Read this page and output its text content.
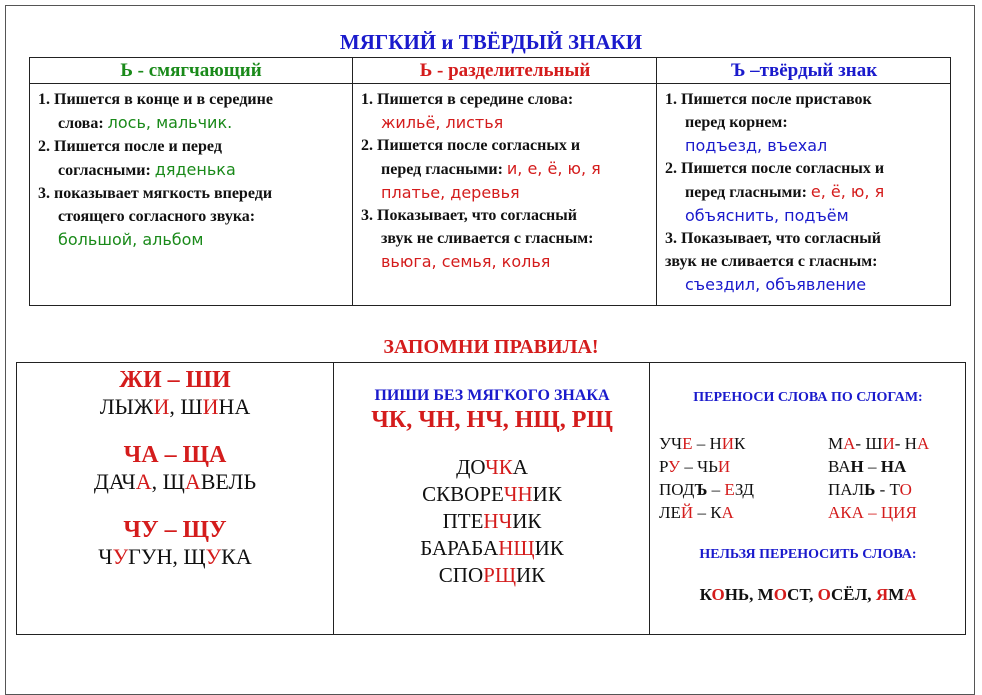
МЯГКИЙ и ТВЁРДЫЙ ЗНАКИ
Ь - смягчающий
1. Пишется в конце и в середине
слова: лось, мальчик.
2. Пишется после и перед
согласными: дяденька
3. показывает мягкость впереди
стоящего согласного звука:
большой, альбом
Ь - разделительный
1. Пишется в середине слова:
жильё, листья
2. Пишется после согласных и
перед гласными: и, е, ё, ю, я
платье, деревья
3. Показывает, что согласный
звук не сливается с гласным:
вьюга, семья, колья
Ъ –твёрдый знак
1. Пишется после приставок
перед корнем:
подъезд, въехал
2. Пишется после согласных и
перед гласными: е, ё, ю, я
объяснить, подъём
3. Показывает, что согласный
звук не сливается с гласным:
съездил, объявление
ЗАПОМНИ ПРАВИЛА!
ЖИ – ШИ
ЛЫЖИ, ШИНА
ЧА – ЩА
ДАЧА, ЩАВЕЛЬ
ЧУ – ЩУ
ЧУГУН, ЩУКА
ПИШИ БЕЗ МЯГКОГО ЗНАКА
ЧК, ЧН, НЧ, НЩ, РЩ
ДОЧКА
СКВОРЕЧНИК
ПТЕНЧИК
БАРАБАНЩИК
СПОРЩИК
ПЕРЕНОСИ СЛОВА ПО СЛОГАМ:
УЧЕ – НИК
РУ – ЧЬИ
ПОДЪ – ЕЗД
ЛЕЙ – КА
МА- ШИ- НА
ВАН – НА
ПАЛЬ - ТО
АКА – ЦИЯ
НЕЛЬЗЯ ПЕРЕНОСИТЬ СЛОВА:
КОНЬ, МОСТ, ОСЁЛ, ЯМА
